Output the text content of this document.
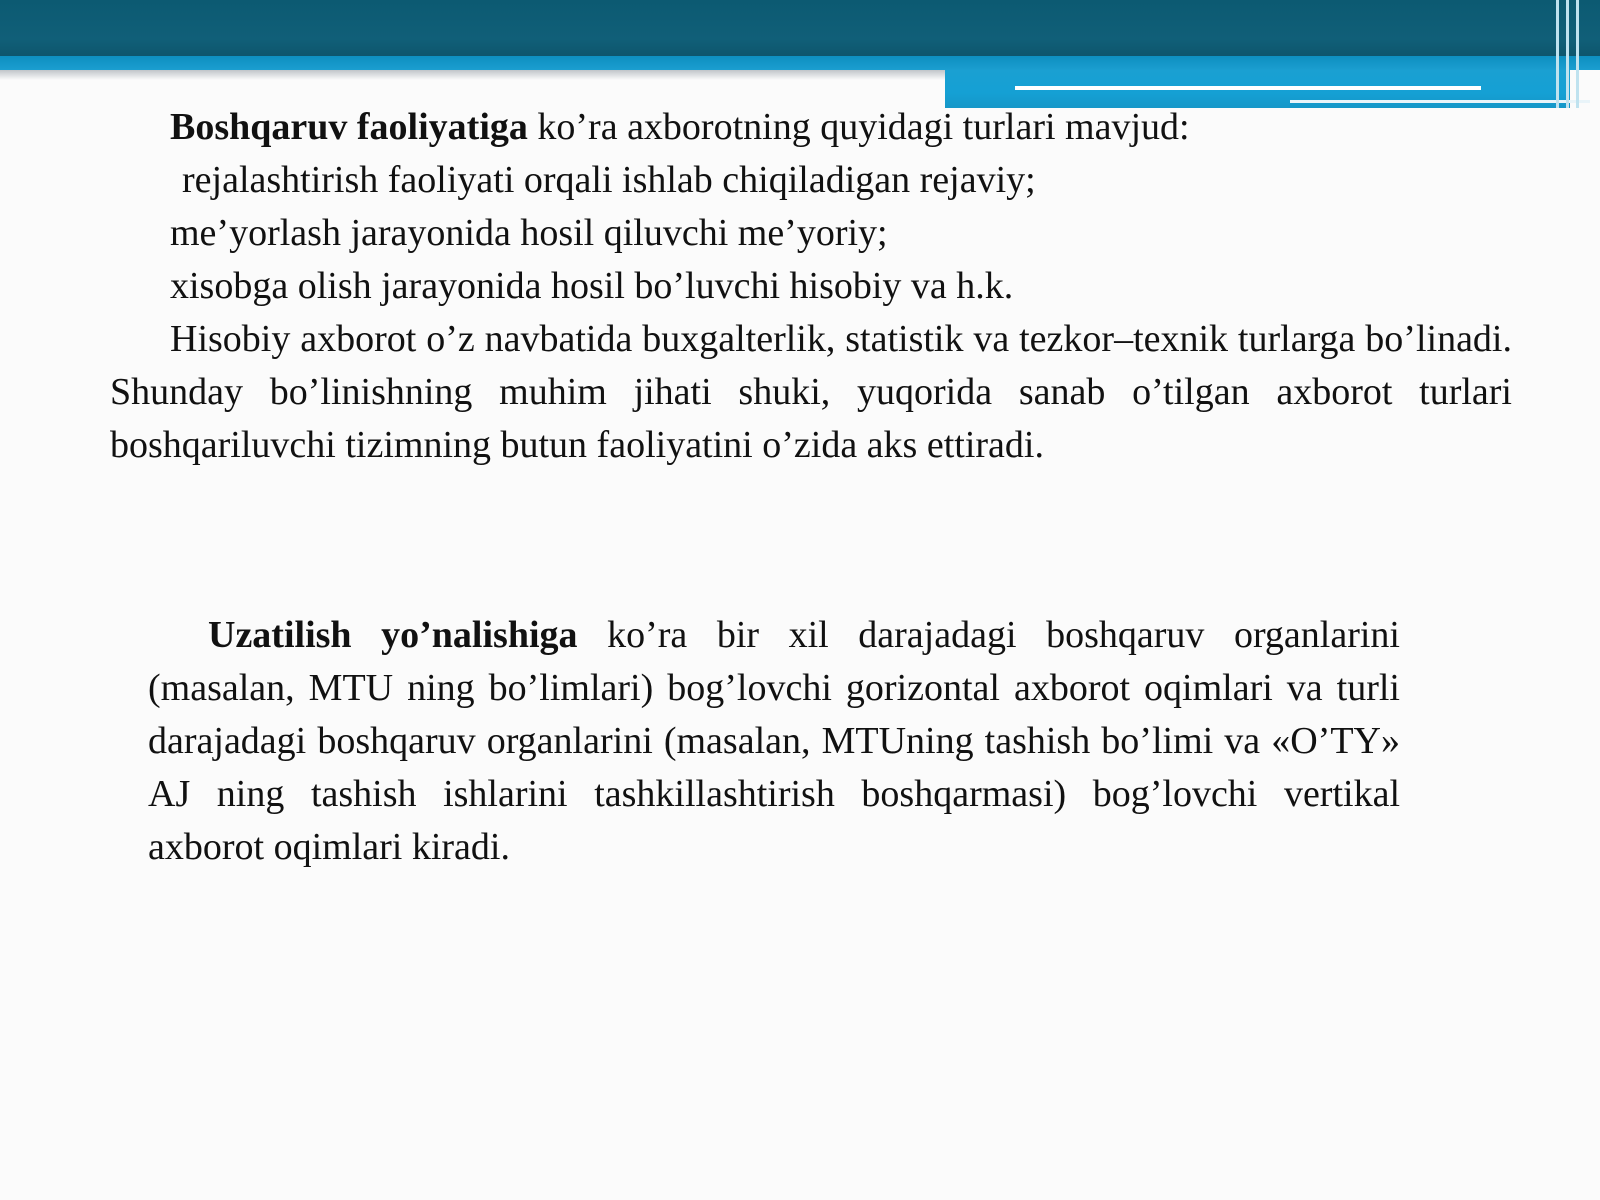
Boshqaruv faoliyatiga ko’ra axborotning quyidagi turlari mavjud:
rejalashtirish faoliyati orqali ishlab chiqiladigan rejaviy;
me’yorlash jarayonida hosil qiluvchi me’yoriy;
xisobga olish jarayonida hosil bo’luvchi hisobiy va h.k.
Hisobiy axborot o’z navbatida buxgalterlik, statistik va tezkor–texnik turlarga bo’linadi. Shunday bo’linishning muhim jihati shuki, yuqorida sanab o’tilgan axborot turlari boshqariluvchi tizimning butun faoliyatini o’zida aks ettiradi.

Uzatilish yo’nalishiga ko’ra bir xil darajadagi boshqaruv organlarini (masalan, MTU ning bo’limlari) bog’lovchi gorizontal axborot oqimlari va turli darajadagi boshqaruv organlarini (masalan, MTUning tashish bo’limi va «O’TY» AJ ning tashish ishlarini tashkillashtirish boshqarmasi) bog’lovchi vertikal axborot oqimlari kiradi.
